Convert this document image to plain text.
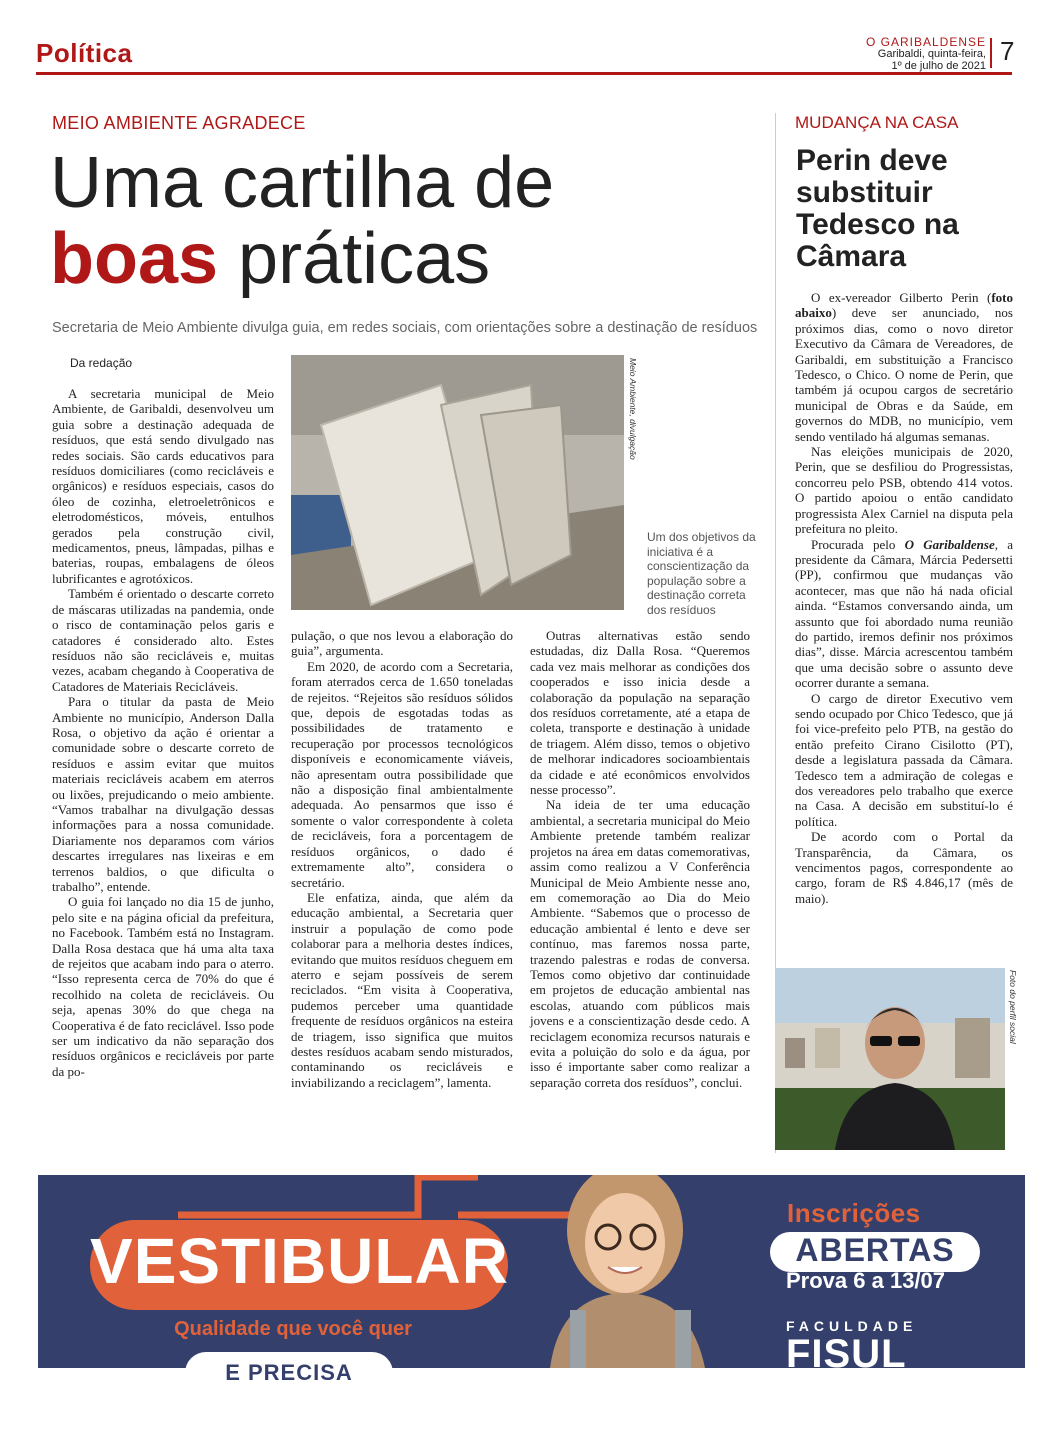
Política	O GARIBALDENSE
Garibaldi, quinta-feira,
1º de julho de 2021 7
MEIO AMBIENTE AGRADECE
Uma cartilha de
boas práticas
Secretaria de Meio Ambiente divulga guia, em redes sociais, com orientações sobre a destinação de resíduos
Da redação

A secretaria municipal de Meio Ambiente, de Garibaldi, desenvolveu um guia sobre a destinação adequada de resíduos, que está sendo divulgado nas redes sociais. São cards educativos para resíduos domiciliares (como recicláveis e orgânicos) e resíduos especiais, casos do óleo de cozinha, eletroeletrônicos e eletrodomésticos, móveis, entulhos gerados pela construção civil, medicamentos, pneus, lâmpadas, pilhas e baterias, roupas, embalagens de óleos lubrificantes e agrotóxicos.

Também é orientado o descarte correto de máscaras utilizadas na pandemia, onde o risco de contaminação pelos garis e catadores é considerado alto. Estes resíduos não são recicláveis e, muitas vezes, acabam chegando à Cooperativa de Catadores de Materiais Recicláveis.

Para o titular da pasta de Meio Ambiente no município, Anderson Dalla Rosa, o objetivo da ação é orientar a comunidade sobre o descarte correto de resíduos e assim evitar que muitos materiais recicláveis acabem em aterros ou lixões, prejudicando o meio ambiente. “Vamos trabalhar na divulgação dessas informações para a nossa comunidade. Diariamente nos deparamos com vários descartes irregulares nas lixeiras e em terrenos baldios, o que dificulta o trabalho”, entende.

O guia foi lançado no dia 15 de junho, pelo site e na página oficial da prefeitura, no Facebook. Também está no Instagram. Dalla Rosa destaca que há uma alta taxa de rejeitos que acabam indo para o aterro. “Isso representa cerca de 70% do que é recolhido na coleta de recicláveis. Ou seja, apenas 30% do que chega na Cooperativa é de fato reciclável. Isso pode ser um indicativo da não separação dos resíduos orgânicos e recicláveis por parte da po-

Meio Ambiente, divulgação
Um dos objetivos da iniciativa é a conscientização da população sobre a destinação correta dos resíduos

pulação, o que nos levou a elaboração do guia”, argumenta.

Em 2020, de acordo com a Secretaria, foram aterrados cerca de 1.650 toneladas de rejeitos. “Rejeitos são resíduos sólidos que, depois de esgotadas todas as possibilidades de tratamento e recuperação por processos tecnológicos disponíveis e economicamente viáveis, não apresentam outra possibilidade que não a disposição final ambientalmente adequada. Ao pensarmos que isso é somente o valor correspondente à coleta de recicláveis, fora a porcentagem de resíduos orgânicos, o dado é extremamente alto”, considera o secretário.

Ele enfatiza, ainda, que além da educação ambiental, a Secretaria quer instruir a população de como pode colaborar para a melhoria destes índices, evitando que muitos resíduos cheguem em aterro e sejam possíveis de serem reciclados. “Em visita à Cooperativa, pudemos perceber uma quantidade frequente de resíduos orgânicos na esteira de triagem, isso significa que muitos destes resíduos acabam sendo misturados, contaminando os recicláveis e inviabilizando a reciclagem”, lamenta.

Outras alternativas estão sendo estudadas, diz Dalla Rosa. “Queremos cada vez mais melhorar as condições dos cooperados e isso inicia desde a colaboração da população na separação dos resíduos corretamente, até a etapa de coleta, transporte e destinação à unidade de triagem. Além disso, temos o objetivo de melhorar indicadores socioambientais da cidade e até econômicos envolvidos nesse processo”.

Na ideia de ter uma educação ambiental, a secretaria municipal do Meio Ambiente pretende também realizar projetos na área em datas comemorativas, assim como realizou a V Conferência Municipal de Meio Ambiente nesse ano, em comemoração ao Dia do Meio Ambiente. “Sabemos que o processo de educação ambiental é lento e deve ser contínuo, mas faremos nossa parte, trazendo palestras e rodas de conversa. Temos como objetivo dar continuidade em projetos de educação ambiental nas escolas, atuando com públicos mais jovens e a conscientização desde cedo. A reciclagem economiza recursos naturais e evita a poluição do solo e da água, por isso é importante saber como realizar a separação correta dos resíduos”, conclui.

MUDANÇA NA CASA
Perin deve substituir Tedesco na Câmara

O ex-vereador Gilberto Perin (foto abaixo) deve ser anunciado, nos próximos dias, como o novo diretor Executivo da Câmara de Vereadores, de Garibaldi, em substituição a Francisco Tedesco, o Chico. O nome de Perin, que também já ocupou cargos de secretário municipal de Obras e da Saúde, em governos do MDB, no município, vem sendo ventilado há algumas semanas.

Nas eleições municipais de 2020, Perin, que se desfiliou do Progressistas, concorreu pelo PSB, obtendo 414 votos. O partido apoiou o então candidato progressista Alex Carniel na disputa pela prefeitura no pleito.

Procurada pelo O Garibaldense, a presidente da Câmara, Márcia Pedersetti (PP), confirmou que mudanças vão acontecer, mas que não há nada oficial ainda. “Estamos conversando ainda, um assunto que foi abordado numa reunião do partido, iremos definir nos próximos dias”, disse. Márcia acrescentou também que uma decisão sobre o assunto deve ocorrer durante a semana.

O cargo de diretor Executivo vem sendo ocupado por Chico Tedesco, que já foi vice-prefeito pelo PTB, na gestão do então prefeito Cirano Cisilotto (PT), desde a legislatura passada da Câmara. Tedesco tem a admiração de colegas e dos vereadores pelo trabalho que exerce na Casa. A decisão em substituí-lo é política.

De acordo com o Portal da Transparência, da Câmara, os vencimentos pagos, correspondente ao cargo, foram de R$ 4.846,17 (mês de maio).

Foto do perfil social
VESTIBULAR
Qualidade que você quer
E PRECISA
Inscrições
ABERTAS
Prova 6 a 13/07
FACULDADE
FISUL
